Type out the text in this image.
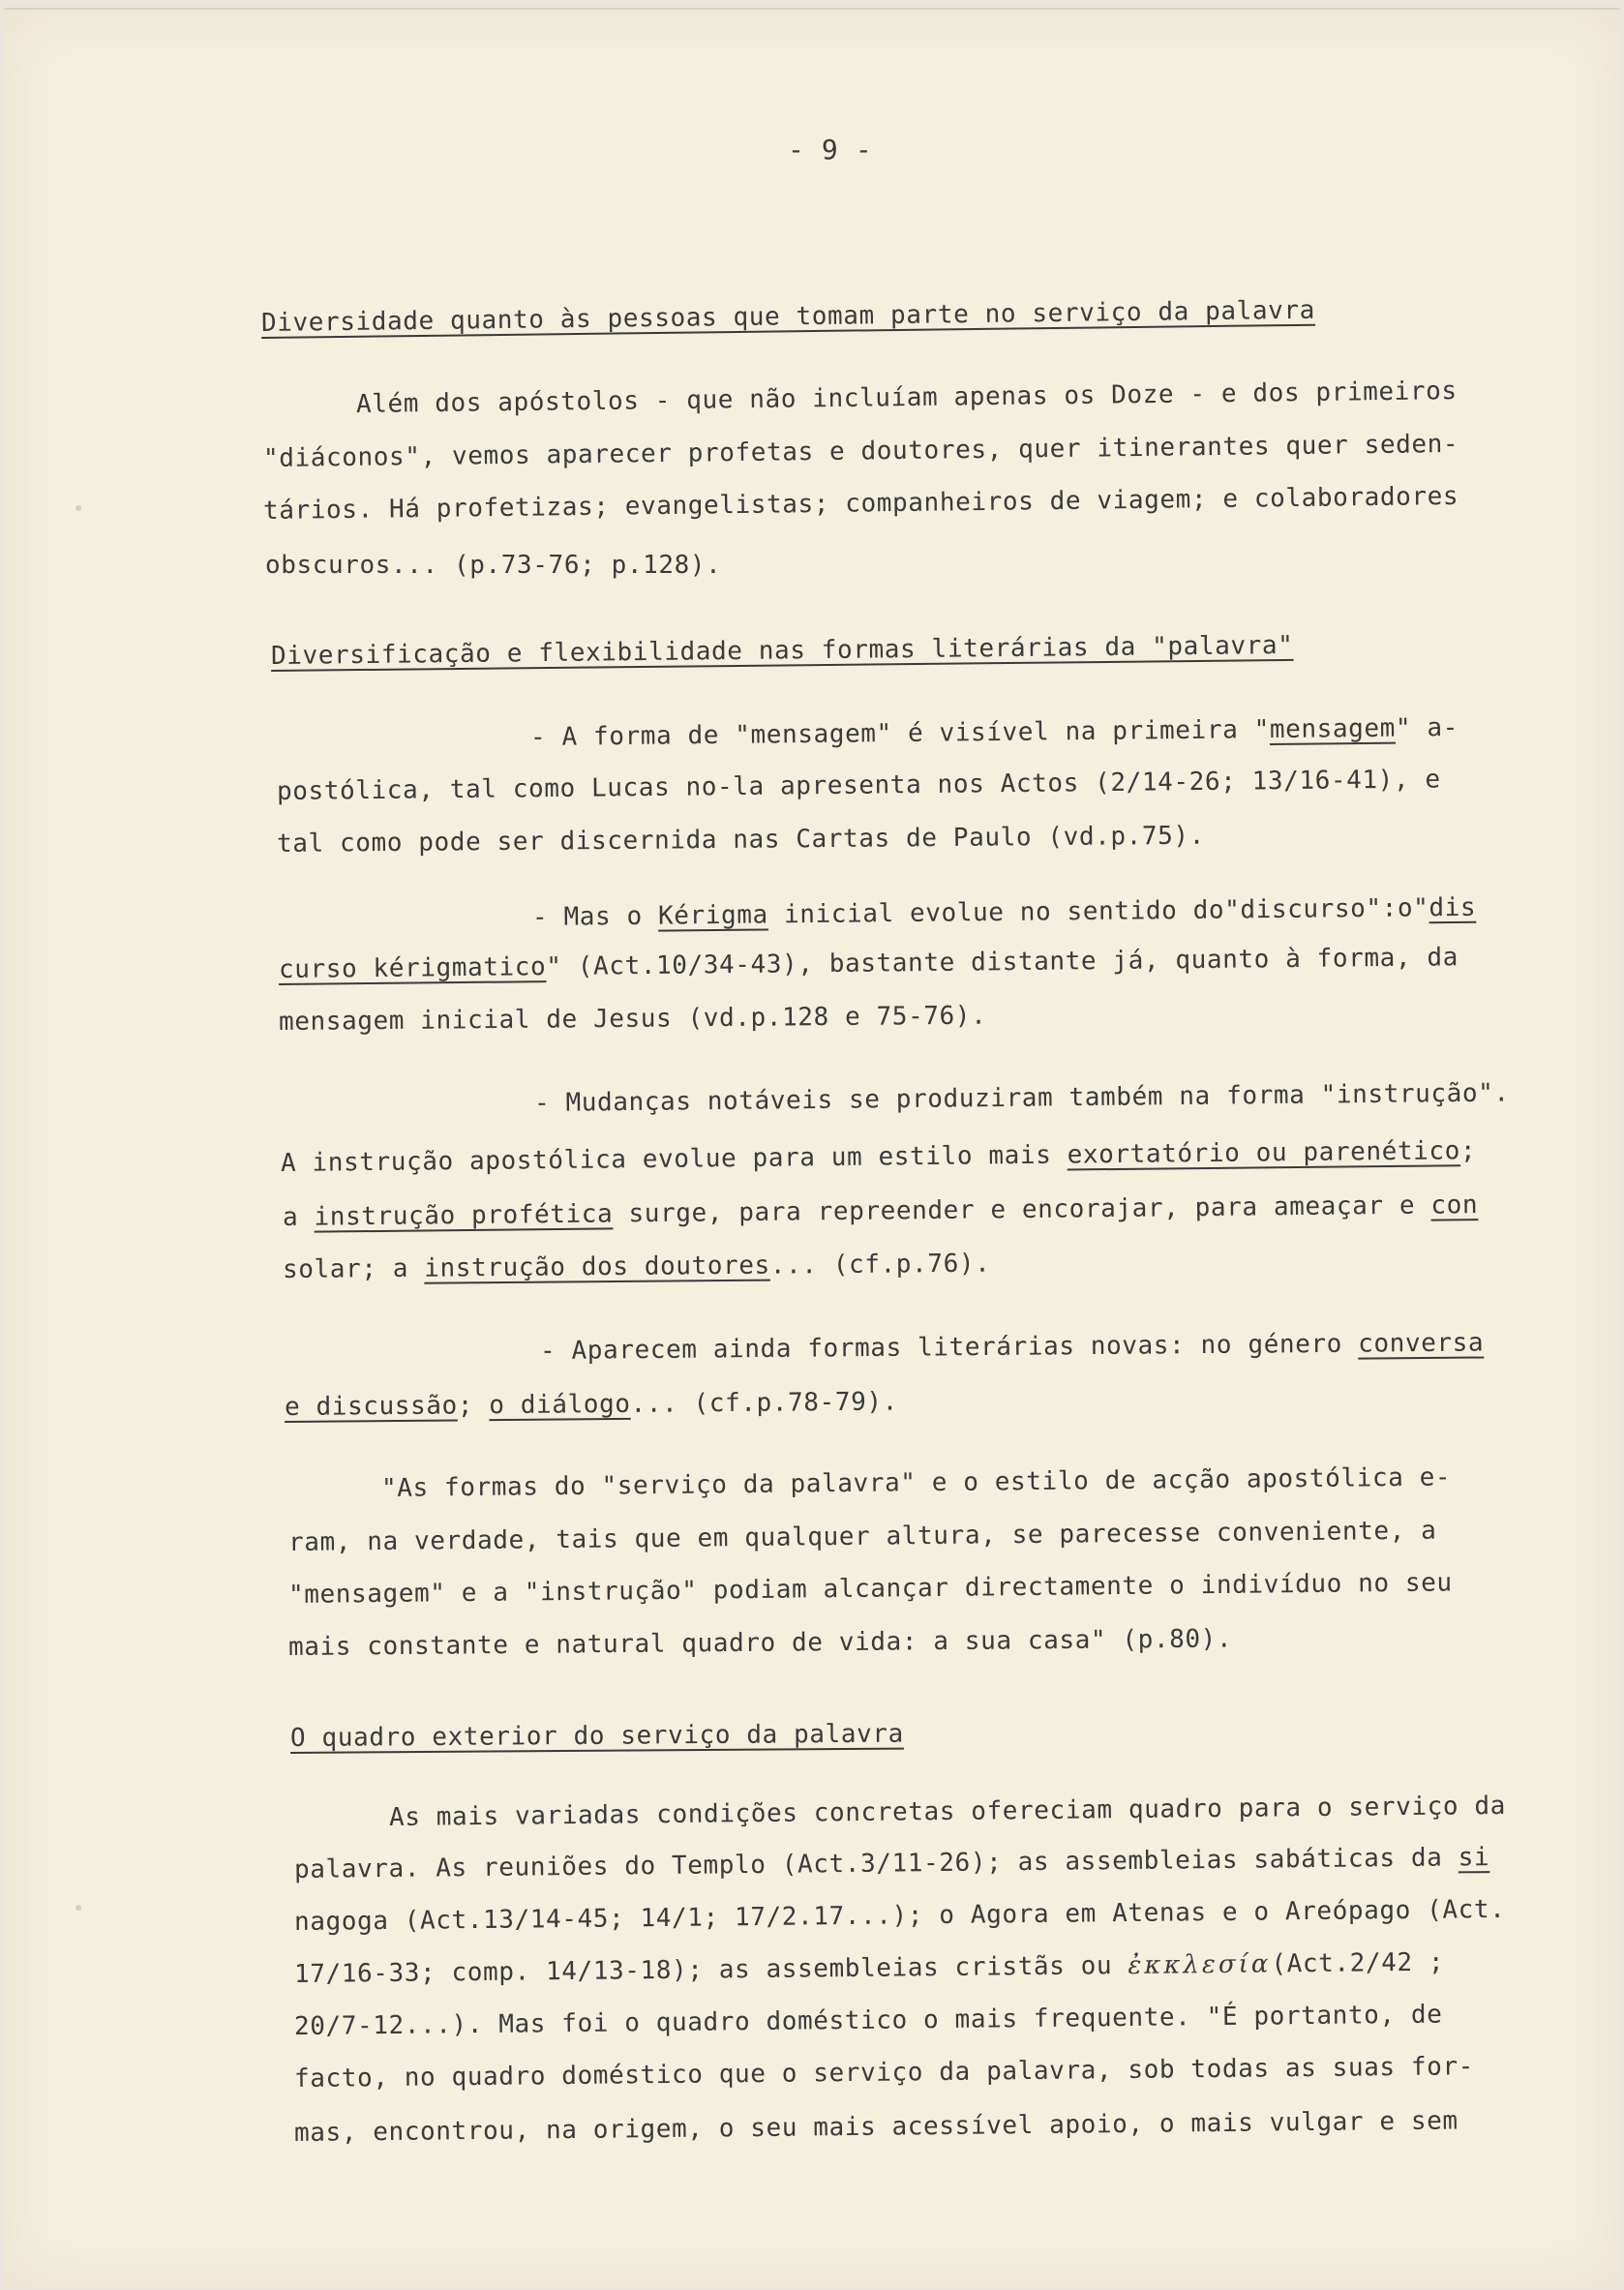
- 9 -
Diversidade quanto às pessoas que tomam parte no serviço da palavra
Além dos apóstolos - que não incluíam apenas os Doze - e dos primeiros
"diáconos", vemos aparecer profetas e doutores, quer itinerantes quer seden-
tários. Há profetizas; evangelistas; companheiros de viagem; e colaboradores
obscuros... (p.73-76; p.128).
Diversificação e flexibilidade nas formas literárias da "palavra"
- A forma de "mensagem" é visível na primeira "mensagem" a-
postólica, tal como Lucas no-la apresenta nos Actos (2/14-26; 13/16-41), e
tal como pode ser discernida nas Cartas de Paulo (vd.p.75).
- Mas o Kérigma inicial evolue no sentido do"discurso":o"dis
curso kérigmatico" (Act.10/34-43), bastante distante já, quanto à forma, da
mensagem inicial de Jesus (vd.p.128 e 75-76).
- Mudanças notáveis se produziram também na forma "instrução".
A instrução apostólica evolue para um estilo mais exortatório ou parenético;
a instrução profética surge, para repreender e encorajar, para ameaçar e con
solar; a instrução dos doutores... (cf.p.76).
- Aparecem ainda formas literárias novas: no género conversa
e discussão; o diálogo... (cf.p.78-79).
"As formas do "serviço da palavra" e o estilo de acção apostólica e-
ram, na verdade, tais que em qualquer altura, se parecesse conveniente, a
"mensagem" e a "instrução" podiam alcançar directamente o indivíduo no seu
mais constante e natural quadro de vida: a sua casa" (p.80).
O quadro exterior do serviço da palavra
As mais variadas condições concretas ofereciam quadro para o serviço da
palavra. As reuniões do Templo (Act.3/11-26); as assembleias sabáticas da si
nagoga (Act.13/14-45; 14/1; 17/2.17...); o Agora em Atenas e o Areópago (Act.
17/16-33; comp. 14/13-18); as assembleias cristãs ou ἐκκλεσία(Act.2/42 ;
20/7-12...). Mas foi o quadro doméstico o mais frequente. "É portanto, de
facto, no quadro doméstico que o serviço da palavra, sob todas as suas for-
mas, encontrou, na origem, o seu mais acessível apoio, o mais vulgar e sem
